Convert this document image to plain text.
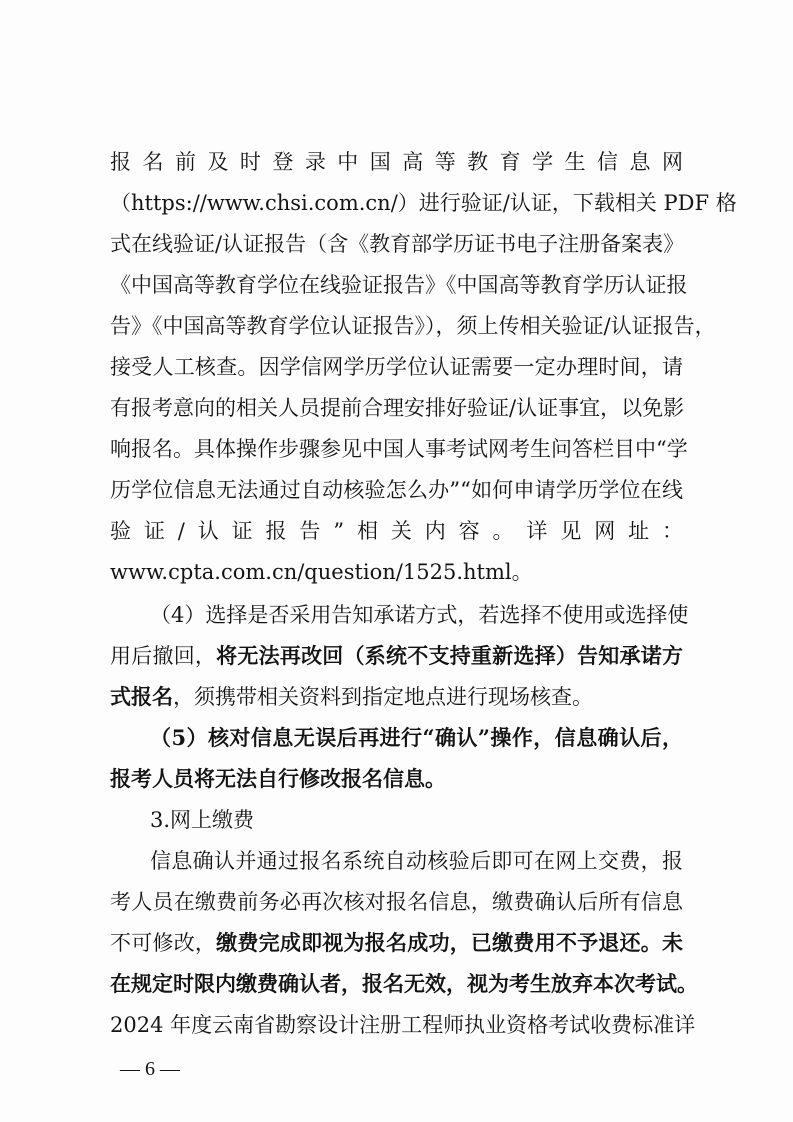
报名前及时登录中国高等教育学生信息网

（https://www.chsi.com.cn/）进行验证/认证，下载相关 PDF 格

式在线验证/认证报告（含《教育部学历证书电子注册备案表》

《中国高等教育学位在线验证报告》《中国高等教育学历认证报

告》《中国高等教育学位认证报告》），须上传相关验证/认证报告，

接受人工核查。因学信网学历学位认证需要一定办理时间，请

有报考意向的相关人员提前合理安排好验证/认证事宜，以免影

响报名。具体操作步骤参见中国人事考试网考生问答栏目中“学

历学位信息无法通过自动核验怎么办”“如何申请学历学位在线

验证/认证报告”相关内容。详见网址：

www.cpta.com.cn/question/1525.html。

（4）选择是否采用告知承诺方式，若选择不使用或选择使

用后撤回，将无法再改回（系统不支持重新选择）告知承诺方

式报名，须携带相关资料到指定地点进行现场核查。

（5）核对信息无误后再进行“确认”操作，信息确认后，

报考人员将无法自行修改报名信息。

3.网上缴费

信息确认并通过报名系统自动核验后即可在网上交费，报

考人员在缴费前务必再次核对报名信息，缴费确认后所有信息

不可修改，缴费完成即视为报名成功，已缴费用不予退还。未

在规定时限内缴费确认者，报名无效，视为考生放弃本次考试。

2024 年度云南省勘察设计注册工程师执业资格考试收费标准详

— 6 —
